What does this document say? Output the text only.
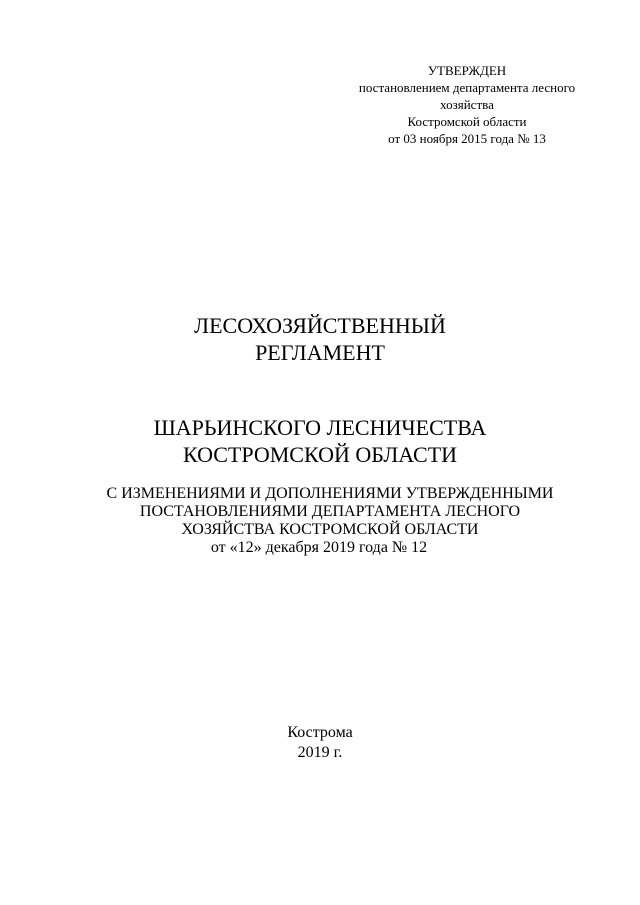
УТВЕРЖДЕН
постановлением департамента лесного
хозяйства
Костромской области
от 03 ноября 2015 года № 13
ЛЕСОХОЗЯЙСТВЕННЫЙ
РЕГЛАМЕНТ
ШАРЬИНСКОГО ЛЕСНИЧЕСТВА
КОСТРОМСКОЙ ОБЛАСТИ
С ИЗМЕНЕНИЯМИ И ДОПОЛНЕНИЯМИ УТВЕРЖДЕННЫМИ
ПОСТАНОВЛЕНИЯМИ ДЕПАРТАМЕНТА ЛЕСНОГО
ХОЗЯЙСТВА КОСТРОМСКОЙ ОБЛАСТИ
от «12» декабря 2019 года № 12
Кострома
2019 г.
